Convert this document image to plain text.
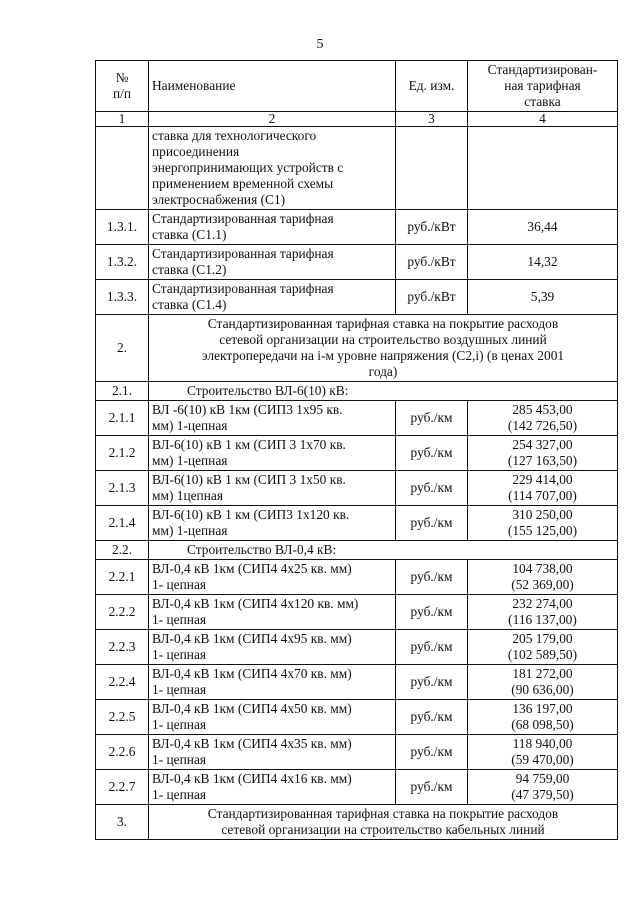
5
№
п/п	Наименование	Ед. изм.	Стандартизирован-
ная тарифная
ставка

1	2	3	4

	ставка для технологического
присоединения
энергопринимающих устройств с
применением временной схемы
электроснабжения (С1)		

1.3.1.	Стандартизированная тарифная
ставка (С1.1)	руб./кВт	36,44

1.3.2.	Стандартизированная тарифная
ставка (С1.2)	руб./кВт	14,32

1.3.3.	Стандартизированная тарифная
ставка (С1.4)	руб./кВт	5,39

2.	Стандартизированная тарифная ставка на покрытие расходов
сетевой организации на строительство воздушных линий
электропередачи на i-м уровне напряжения (С2,i) (в ценах 2001
года)		

2.1.	Строительство ВЛ-6(10) кВ:		

2.1.1	ВЛ -6(10) кВ 1км (СИП3 1х95 кв.
мм) 1-цепная	руб./км	285 453,00
(142 726,50)

2.1.2	ВЛ-6(10) кВ 1 км (СИП 3 1х70 кв.
мм) 1-цепная	руб./км	254 327,00
(127 163,50)

2.1.3	ВЛ-6(10) кВ 1 км (СИП 3 1х50 кв.
мм) 1цепная	руб./км	229 414,00
(114 707,00)

2.1.4	ВЛ-6(10) кВ 1 км (СИП3 1х120 кв.
мм) 1-цепная	руб./км	310 250,00
(155 125,00)

2.2.	Строительство ВЛ-0,4 кВ:		

2.2.1	ВЛ-0,4 кВ 1км (СИП4 4х25 кв. мм)
1- цепная	руб./км	104 738,00
(52 369,00)

2.2.2	ВЛ-0,4 кВ 1км (СИП4 4х120 кв. мм)
1- цепная	руб./км	232 274,00
(116 137,00)

2.2.3	ВЛ-0,4 кВ 1км (СИП4 4х95 кв. мм)
1- цепная	руб./км	205 179,00
(102 589,50)

2.2.4	ВЛ-0,4 кВ 1км (СИП4 4х70 кв. мм)
1- цепная	руб./км	181 272,00
(90 636,00)

2.2.5	ВЛ-0,4 кВ 1км (СИП4 4х50 кв. мм)
1- цепная	руб./км	136 197,00
(68 098,50)

2.2.6	ВЛ-0,4 кВ 1км (СИП4 4х35 кв. мм)
1- цепная	руб./км	118 940,00
(59 470,00)

2.2.7	ВЛ-0,4 кВ 1км (СИП4 4х16 кв. мм)
1- цепная	руб./км	94 759,00
(47 379,50)

3.	Стандартизированная тарифная ставка на покрытие расходов
сетевой организации на строительство кабельных линий		
